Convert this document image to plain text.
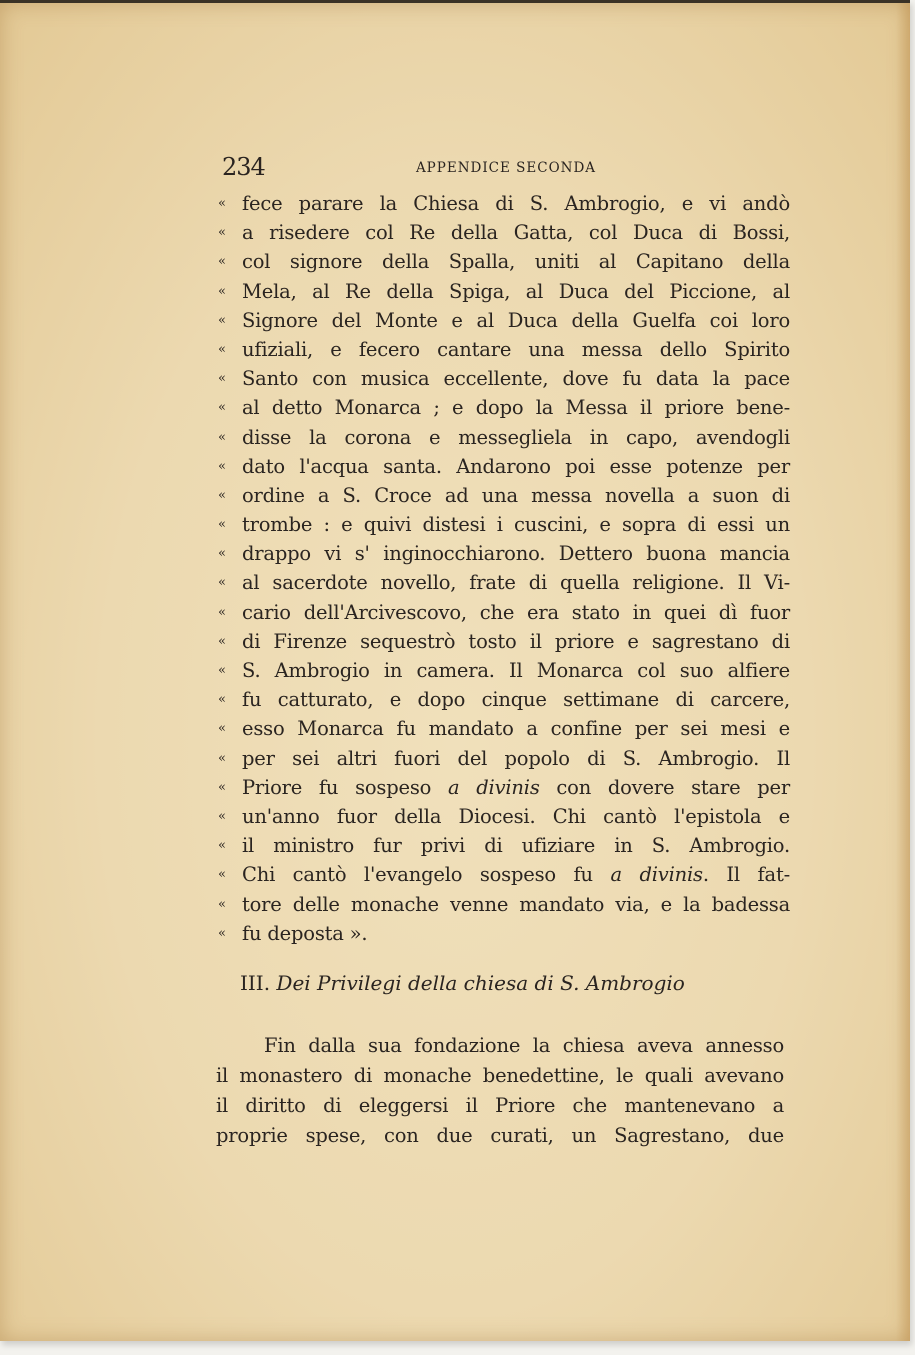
234	APPENDICE SECONDA
« fece parare la Chiesa di S. Ambrogio, e vi andò
« a risedere col Re della Gatta, col Duca di Bossi,
« col signore della Spalla, uniti al Capitano della
« Mela, al Re della Spiga, al Duca del Piccione, al
« Signore del Monte e al Duca della Guelfa coi loro
« ufiziali, e fecero cantare una messa dello Spirito
« Santo con musica eccellente, dove fu data la pace
« al detto Monarca ; e dopo la Messa il priore bene-
« disse la corona e messegliela in capo, avendogli
« dato l'acqua santa. Andarono poi esse potenze per
« ordine a S. Croce ad una messa novella a suon di
« trombe : e quivi distesi i cuscini, e sopra di essi un
« drappo vi s' inginocchiarono. Dettero buona mancia
« al sacerdote novello, frate di quella religione. Il Vi-
« cario dell'Arcivescovo, che era stato in quei dì fuor
« di Firenze sequestrò tosto il priore e sagrestano di
« S. Ambrogio in camera. Il Monarca col suo alfiere
« fu catturato, e dopo cinque settimane di carcere,
« esso Monarca fu mandato a confine per sei mesi e
« per sei altri fuori del popolo di S. Ambrogio. Il
« Priore fu sospeso a divinis con dovere stare per
« un'anno fuor della Diocesi. Chi cantò l'epistola e
« il ministro fur privi di ufiziare in S. Ambrogio.
« Chi cantò l'evangelo sospeso fu a divinis. Il fat-
« tore delle monache venne mandato via, e la badessa
« fu deposta ».
III. Dei Privilegi della chiesa di S. Ambrogio
Fin dalla sua fondazione la chiesa aveva annesso
il monastero di monache benedettine, le quali avevano
il diritto di eleggersi il Priore che mantenevano a
proprie spese, con due curati, un Sagrestano, due
